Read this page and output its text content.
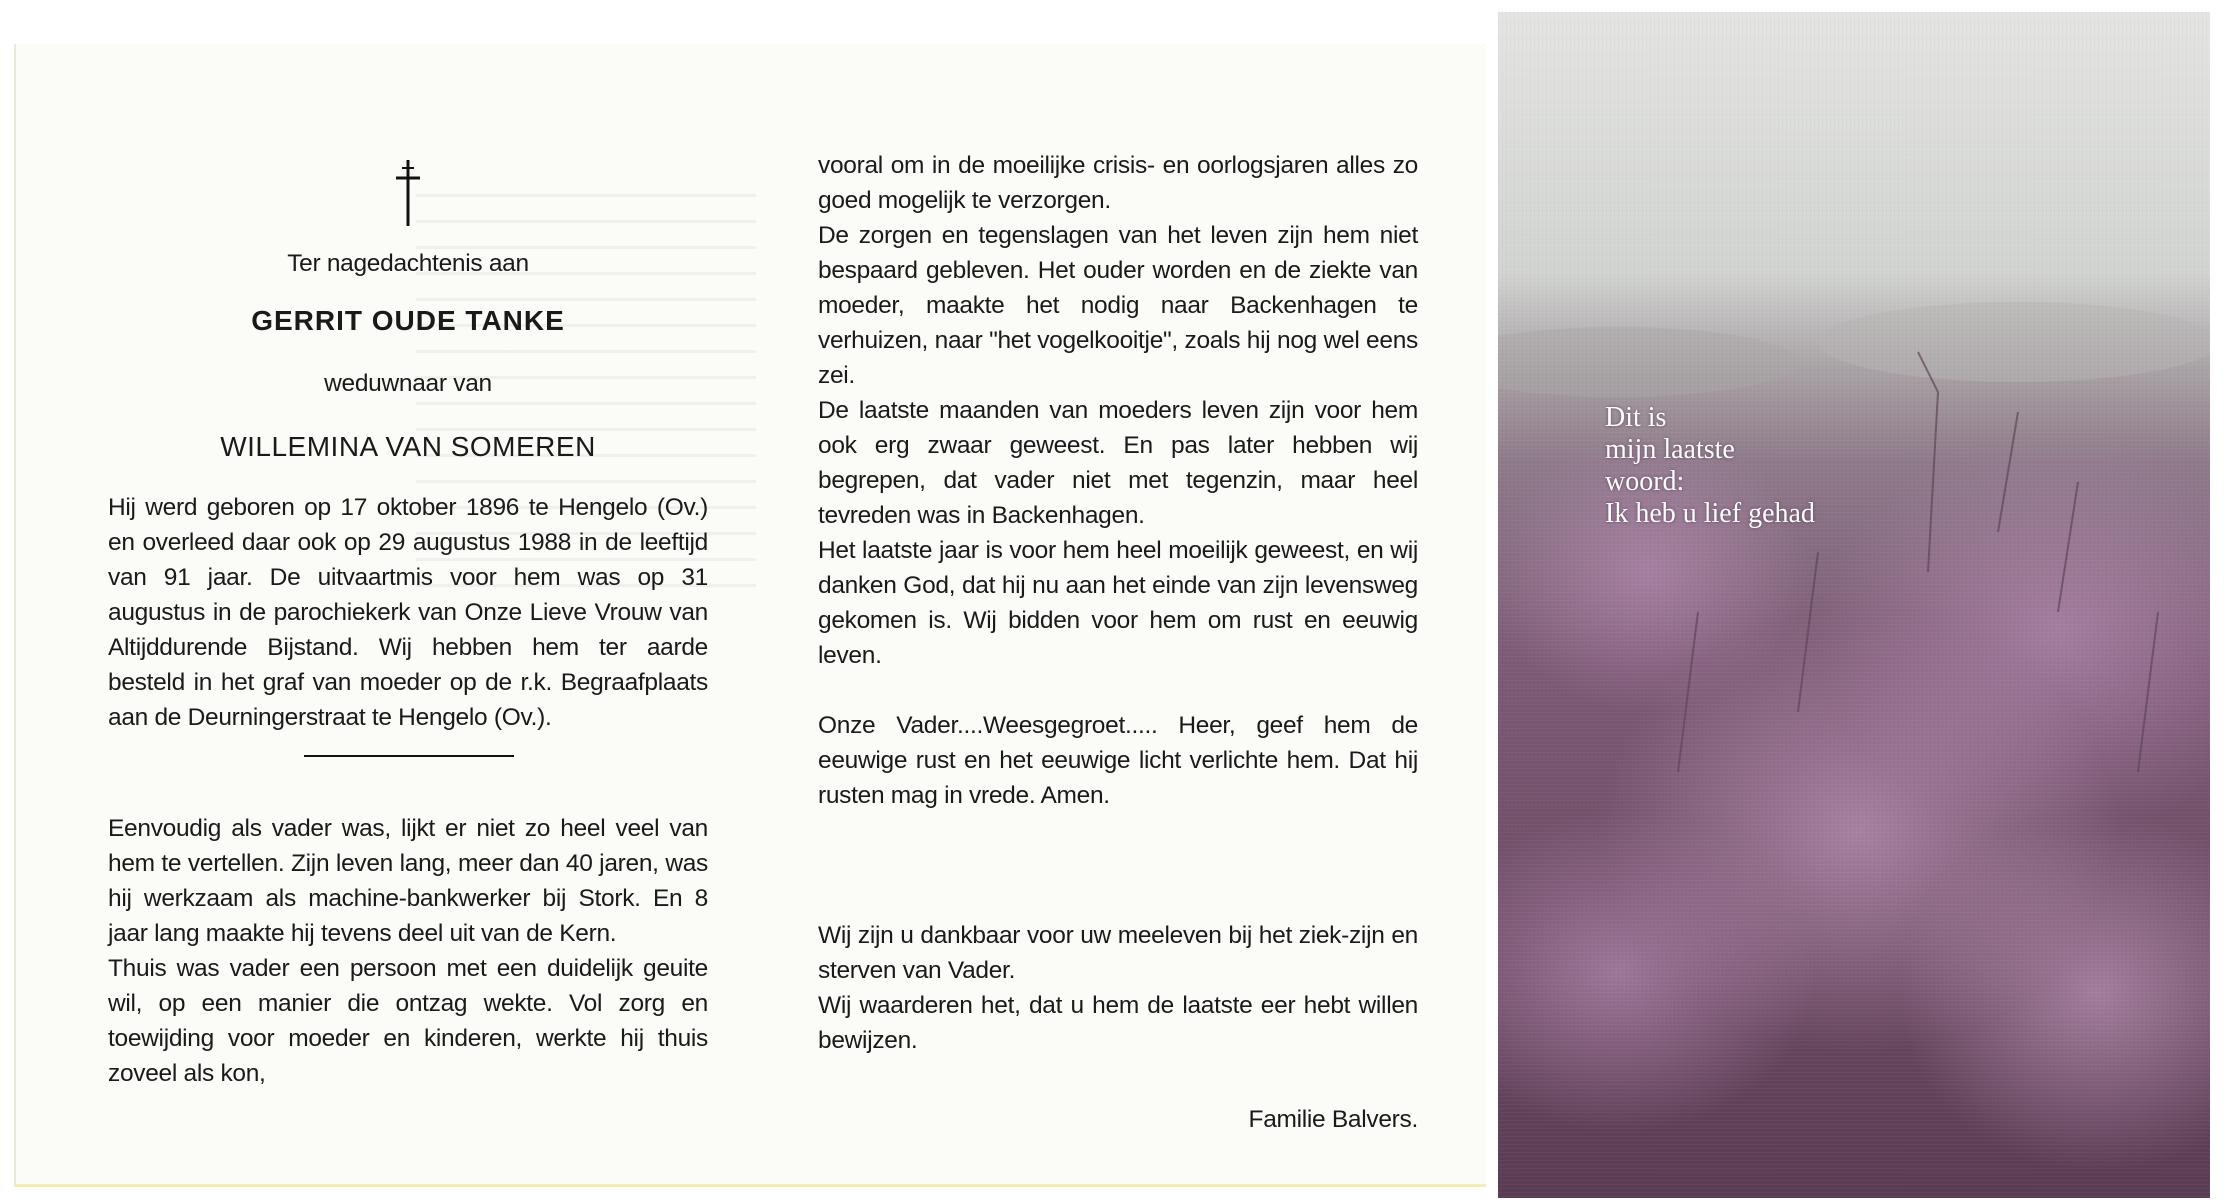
Ter nagedachtenis aan
GERRIT OUDE TANKE
weduwnaar van
WILLEMINA VAN SOMEREN

Hij werd geboren op 17 oktober 1896 te Hengelo (Ov.) en overleed daar ook op 29 augustus 1988 in de leeftijd van 91 jaar. De uitvaartmis voor hem was op 31 augustus in de parochiekerk van Onze Lieve Vrouw van Altijddurende Bijstand. Wij hebben hem ter aarde besteld in het graf van moeder op de r.k. Begraafplaats aan de Deurningerstraat te Hengelo (Ov.).

Eenvoudig als vader was, lijkt er niet zo heel veel van hem te vertellen. Zijn leven lang, meer dan 40 jaren, was hij werkzaam als machine-bankwerker bij Stork. En 8 jaar lang maakte hij tevens deel uit van de Kern.

Thuis was vader een persoon met een duidelijk geuite wil, op een manier die ontzag wekte. Vol zorg en toewijding voor moeder en kinderen, werkte hij thuis zoveel als kon,

vooral om in de moeilijke crisis- en oorlogsjaren alles zo goed mogelijk te verzorgen.

De zorgen en tegenslagen van het leven zijn hem niet bespaard gebleven. Het ouder worden en de ziekte van moeder, maakte het nodig naar Backenhagen te verhuizen, naar "het vogelkooitje", zoals hij nog wel eens zei.

De laatste maanden van moeders leven zijn voor hem ook erg zwaar geweest. En pas later hebben wij begrepen, dat vader niet met tegenzin, maar heel tevreden was in Backenhagen.

Het laatste jaar is voor hem heel moeilijk geweest, en wij danken God, dat hij nu aan het einde van zijn levensweg gekomen is. Wij bidden voor hem om rust en eeuwig leven.

Onze Vader....Weesgegroet..... Heer, geef hem de eeuwige rust en het eeuwige licht verlichte hem. Dat hij rusten mag in vrede. Amen.

Wij zijn u dankbaar voor uw meeleven bij het ziek-zijn en sterven van Vader.

Wij waarderen het, dat u hem de laatste eer hebt willen bewijzen.

Familie Balvers.
Dit is
mijn laatste
woord:
Ik heb u lief gehad
